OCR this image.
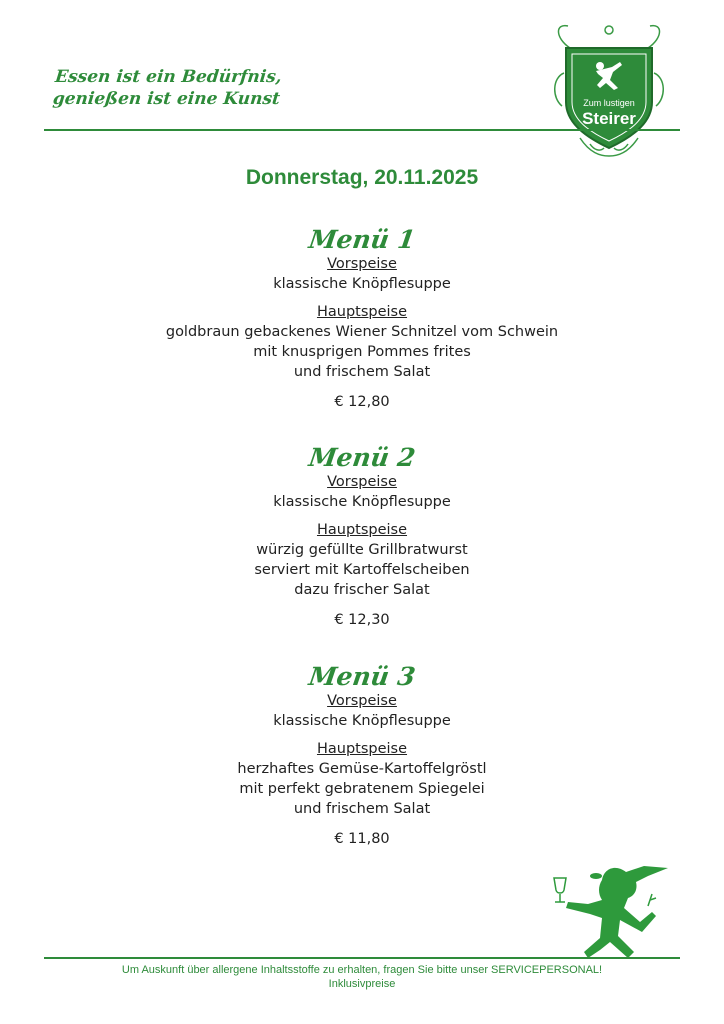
Essen ist ein Bedürfnis,
genießen ist eine Kunst	Zum lustigen
Steirer
Donnerstag, 20.11.2025
Menü 1
Vorspeise
klassische Knöpflesuppe
Hauptspeise
goldbraun gebackenes Wiener Schnitzel vom Schwein
mit knusprigen Pommes frites
und frischem Salat
€ 12,80
Menü 2
Vorspeise
klassische Knöpflesuppe
Hauptspeise
würzig gefüllte Grillbratwurst
serviert mit Kartoffelscheiben
dazu frischer Salat
€ 12,30
Menü 3
Vorspeise
klassische Knöpflesuppe
Hauptspeise
herzhaftes Gemüse-Kartoffelgröstl
mit perfekt gebratenem Spiegelei
und frischem Salat
€ 11,80
Um Auskunft über allergene Inhaltsstoffe zu erhalten, fragen Sie bitte unser SERVICEPERSONAL!
Inklusivpreise
